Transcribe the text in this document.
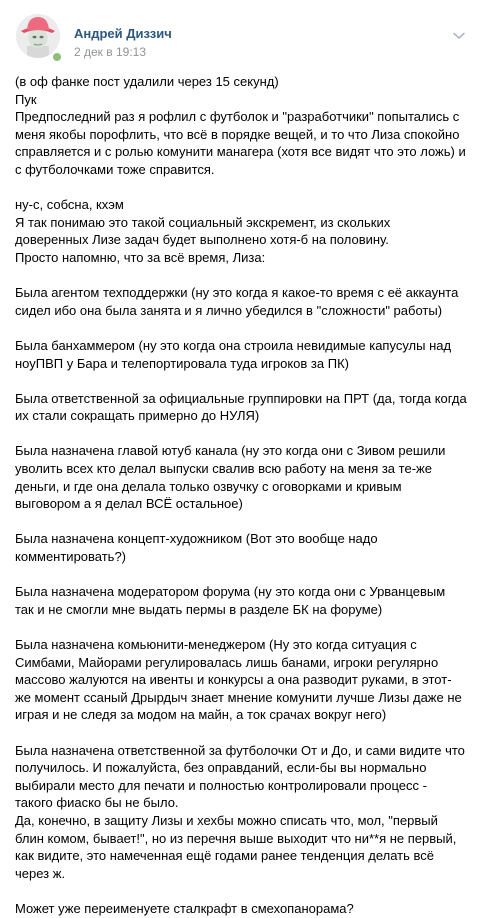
Андрей Диззич
2 дек в 19:13

(в оф фанке пост удалили через 15 секунд)

Пук

Предпоследний раз я рофлил с футболок и "разработчики" попытались с меня якобы порофлить, что всё в порядке вещей, и то что Лиза спокойно справляется и с ролью комунити манагера (хотя все видят что это ложь) и с футболочками тоже справится.

ну-с, собсна, кхэм

Я так понимаю это такой социальный экскремент, из скольких доверенных Лизе задач будет выполнено хотя-б на половину.

Просто напомню, что за всё время, Лиза:

Была агентом техподдержки (ну это когда я какое-то время с её аккаунта сидел ибо она была занята и я лично убедился в "сложности" работы)

Была банхаммером (ну это когда она строила невидимые капусулы над ноуПВП у Бара и телепортировала туда игроков за ПК)

Была ответственной за официальные группировки на ПРТ (да, тогда когда их стали сокращать примерно до НУЛЯ)

Была назначена главой ютуб канала (ну это когда они с Зивом решили уволить всех кто делал выпуски свалив всю работу на меня за те-же деньги, и где она делала только озвучку с оговорками и кривым выговором а я делал ВСЁ остальное)

Была назначена концепт-художником (Вот это вообще надо комментировать?)

Была назначена модератором форума (ну это когда они с Урванцевым так и не смогли мне выдать пермы в разделе БК на форуме)

Была назначена комьюнити-менеджером (Ну это когда ситуация с Симбами, Майорами регулировалась лишь банами, игроки регулярно массово жалуются на ивенты и конкурсы а она разводит руками, в этот-же момент сcаный Дрырдыч знает мнение комунити лучше Лизы даже не играя и не следя за модом на майн, а ток срачах вокруг него)

Была назначена ответственной за футболочки От и До, и сами видите что получилось. И пожалуйста, без оправданий, если-бы вы нормально выбирали место для печати и полностью контролировали процесс - такого фиаско бы не было.

Да, конечно, в защиту Лизы и хехбы можно списать что, мол, "первый блин комом, бывает!", но из перечня выше выходит что ни**я не первый, как видите, это намеченная ещё годами ранее тенденция делать всё через ж.

Может уже переименуете сталкрафт в смехопанорама?
